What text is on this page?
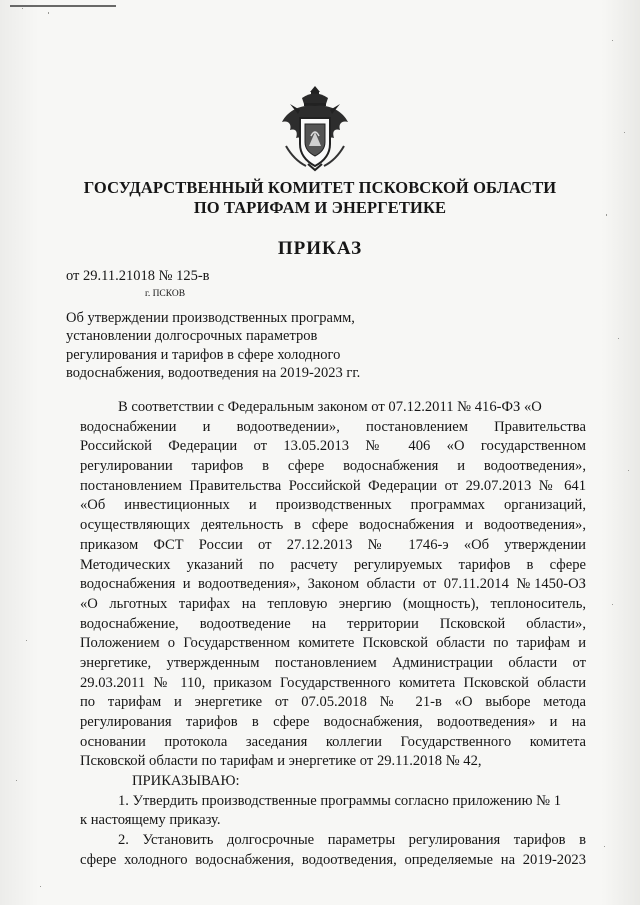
ГОСУДАРСТВЕННЫЙ КОМИТЕТ ПСКОВСКОЙ ОБЛАСТИ
ПО ТАРИФАМ И ЭНЕРГЕТИКЕ
ПРИКАЗ
от 29.11.21018 № 125-в
г. ПСКОВ
Об утверждении производственных программ,
установлении долгосрочных параметров
регулирования и тарифов в сфере холодного
водоснабжения, водоотведения на 2019-2023 гг.
В соответствии с Федеральным законом от 07.12.2011 № 416-ФЗ «О
водоснабжении и водоотведении», постановлением Правительства
Российской Федерации от 13.05.2013 № 406 «О государственном
регулировании тарифов в сфере водоснабжения и водоотведения»,
постановлением Правительства Российской Федерации от 29.07.2013 № 641
«Об инвестиционных и производственных программах организаций,
осуществляющих деятельность в сфере водоснабжения и водоотведения»,
приказом ФСТ России от 27.12.2013 № 1746-э «Об утверждении
Методических указаний по расчету регулируемых тарифов в сфере
водоснабжения и водоотведения», Законом области от 07.11.2014 №1450-ОЗ
«О льготных тарифах на тепловую энергию (мощность), теплоноситель,
водоснабжение, водоотведение на территории Псковской области»,
Положением о Государственном комитете Псковской области по тарифам и
энергетике, утвержденным постановлением Администрации области от
29.03.2011 № 110, приказом Государственного комитета Псковской области
по тарифам и энергетике от 07.05.2018 № 21-в «О выборе метода
регулирования тарифов в сфере водоснабжения, водоотведения» и на
основании протокола заседания коллегии Государственного комитета
Псковской области по тарифам и энергетике от 29.11.2018 № 42,
ПРИКАЗЫВАЮ:
1. Утвердить производственные программы согласно приложению № 1
к настоящему приказу.
2. Установить долгосрочные параметры регулирования тарифов в
сфере холодного водоснабжения, водоотведения, определяемые на 2019-2023
